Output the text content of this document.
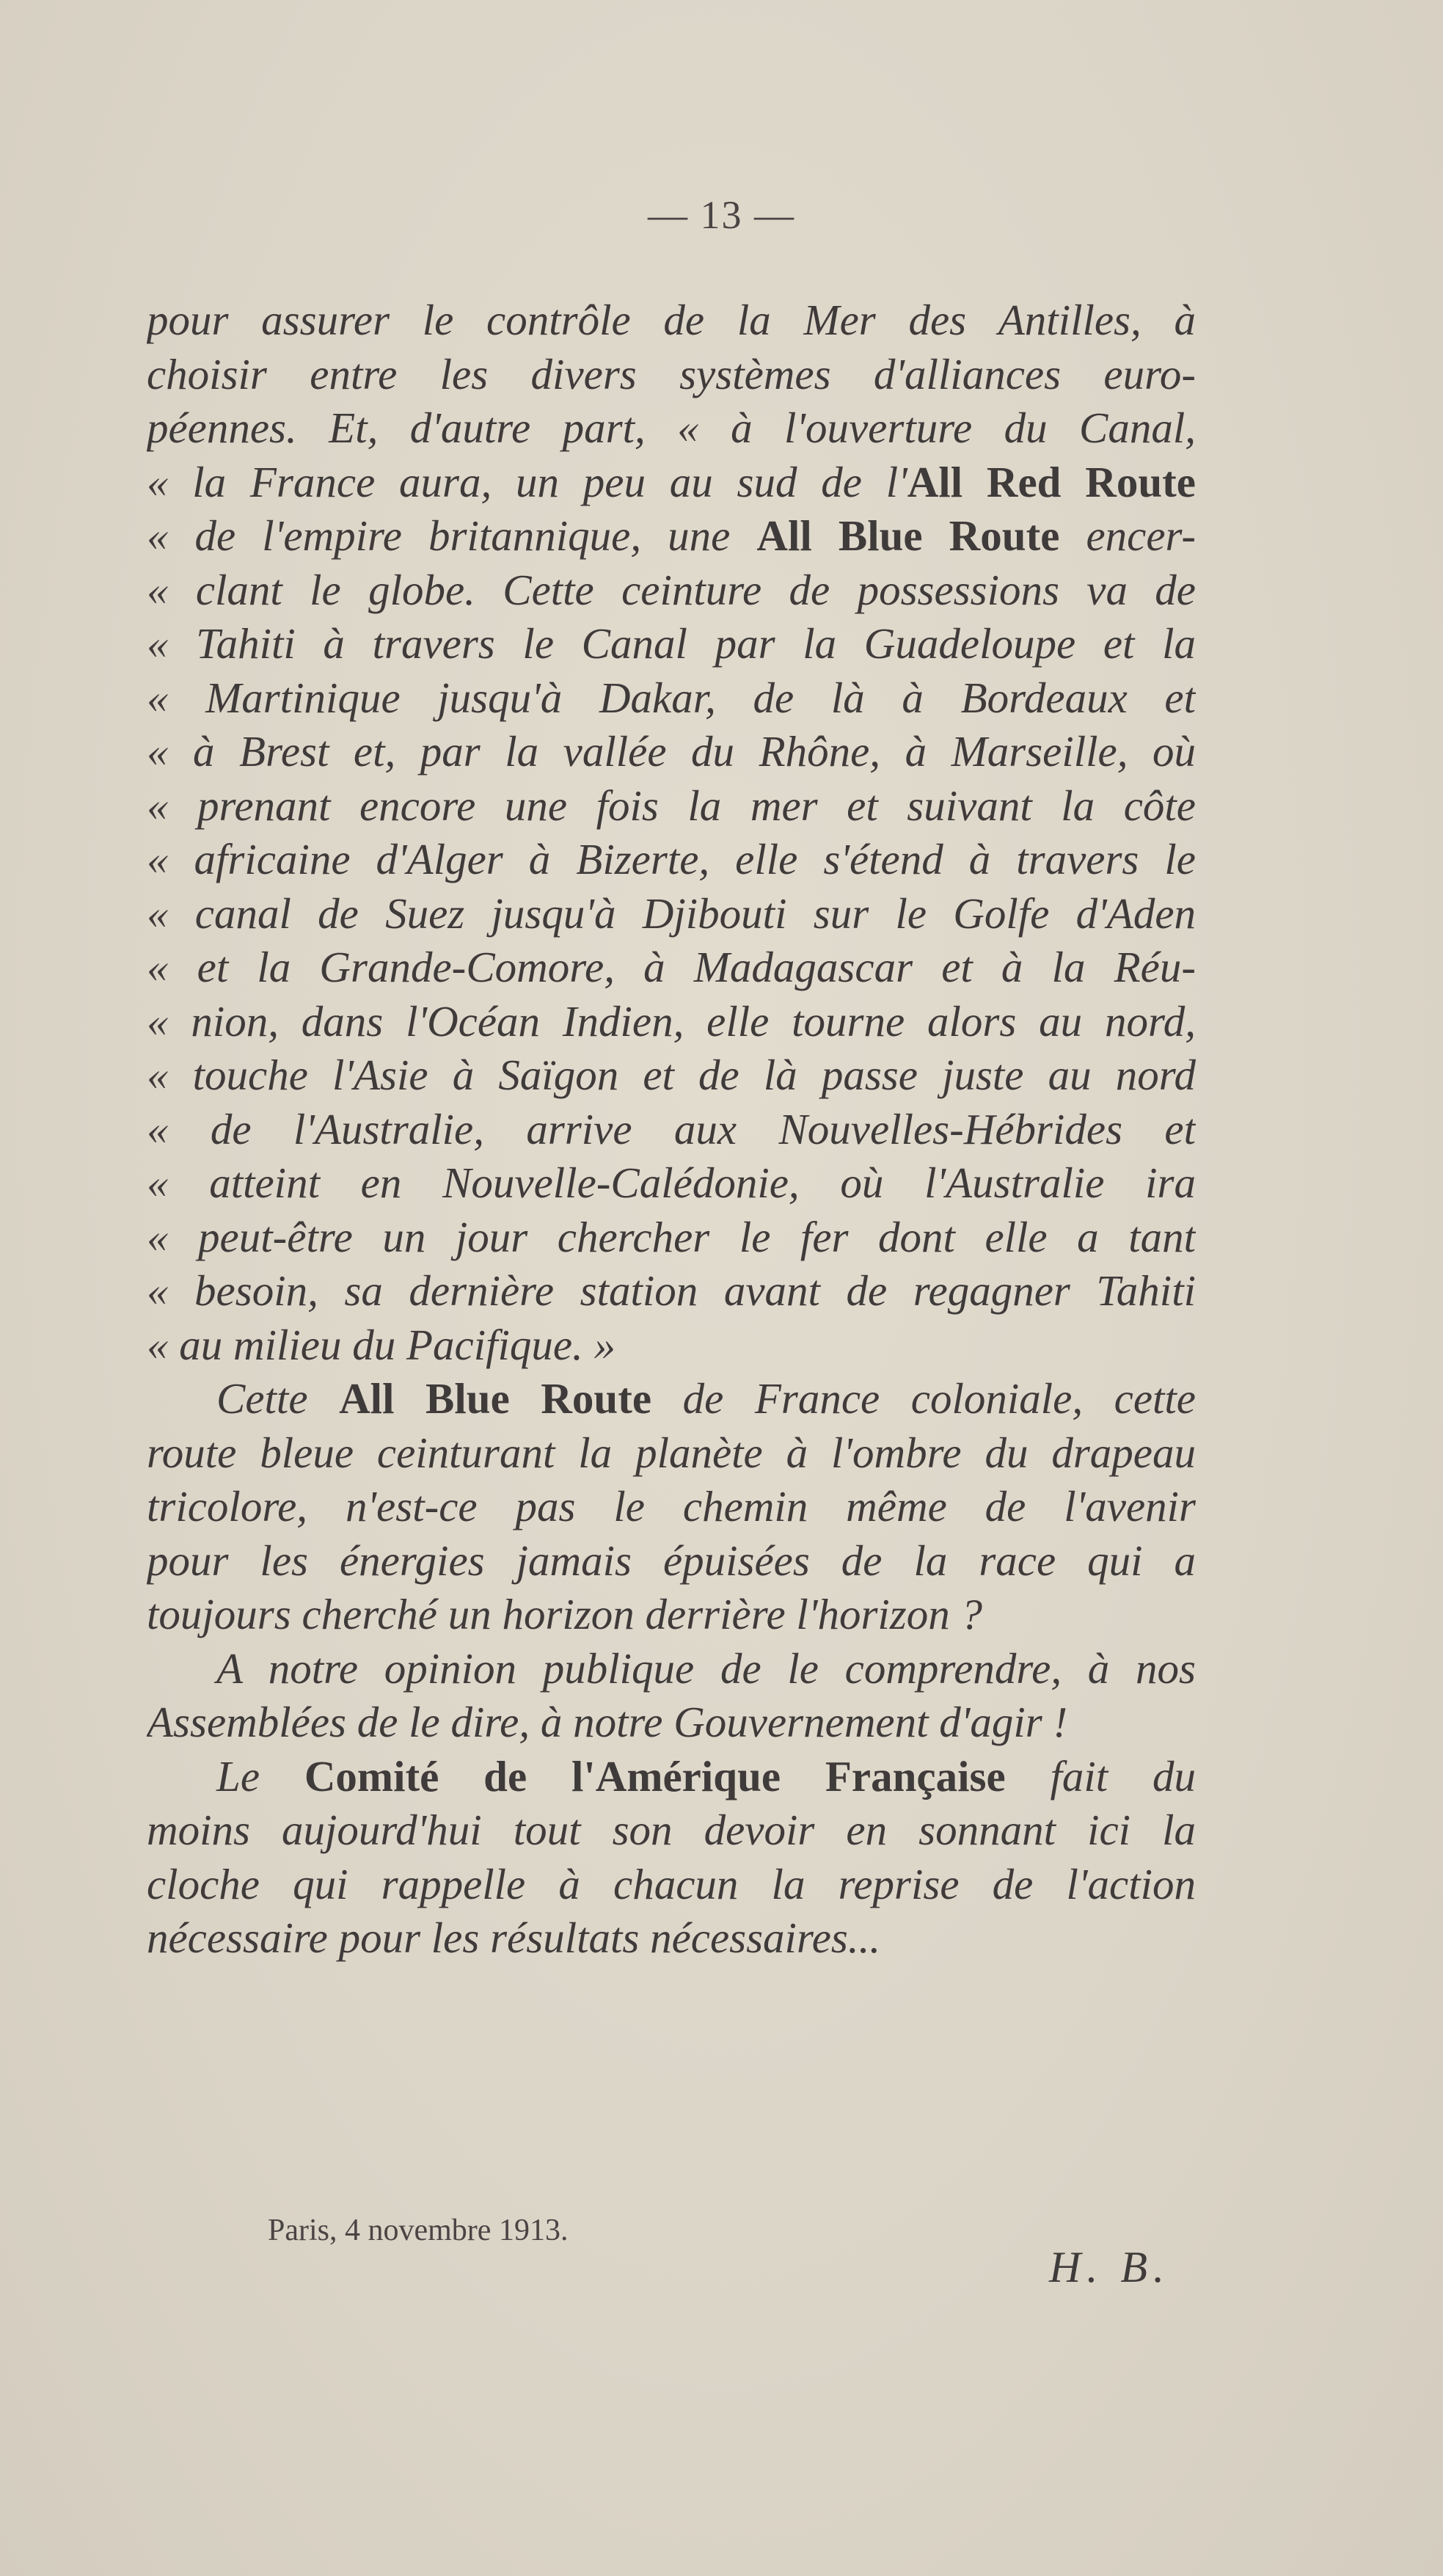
— 13 —
pour assurer le contrôle de la Mer des Antilles, à
choisir entre les divers systèmes d'alliances euro-
péennes. Et, d'autre part, « à l'ouverture du Canal,
« la France aura, un peu au sud de l'All Red Route
« de l'empire britannique, une All Blue Route encer-
« clant le globe. Cette ceinture de possessions va de
« Tahiti à travers le Canal par la Guadeloupe et la
« Martinique jusqu'à Dakar, de là à Bordeaux et
« à Brest et, par la vallée du Rhône, à Marseille, où
« prenant encore une fois la mer et suivant la côte
« africaine d'Alger à Bizerte, elle s'étend à travers le
« canal de Suez jusqu'à Djibouti sur le Golfe d'Aden
« et la Grande-Comore, à Madagascar et à la Réu-
« nion, dans l'Océan Indien, elle tourne alors au nord,
« touche l'Asie à Saïgon et de là passe juste au nord
« de l'Australie, arrive aux Nouvelles-Hébrides et
« atteint en Nouvelle-Calédonie, où l'Australie ira
« peut-être un jour chercher le fer dont elle a tant
« besoin, sa dernière station avant de regagner Tahiti
« au milieu du Pacifique. »
Cette All Blue Route de France coloniale, cette
route bleue ceinturant la planète à l'ombre du drapeau
tricolore, n'est-ce pas le chemin même de l'avenir
pour les énergies jamais épuisées de la race qui a
toujours cherché un horizon derrière l'horizon ?
A notre opinion publique de le comprendre, à nos
Assemblées de le dire, à notre Gouvernement d'agir !
Le Comité de l'Amérique Française fait du
moins aujourd'hui tout son devoir en sonnant ici la
cloche qui rappelle à chacun la reprise de l'action
nécessaire pour les résultats nécessaires...
Paris, 4 novembre 1913.
H. B.
